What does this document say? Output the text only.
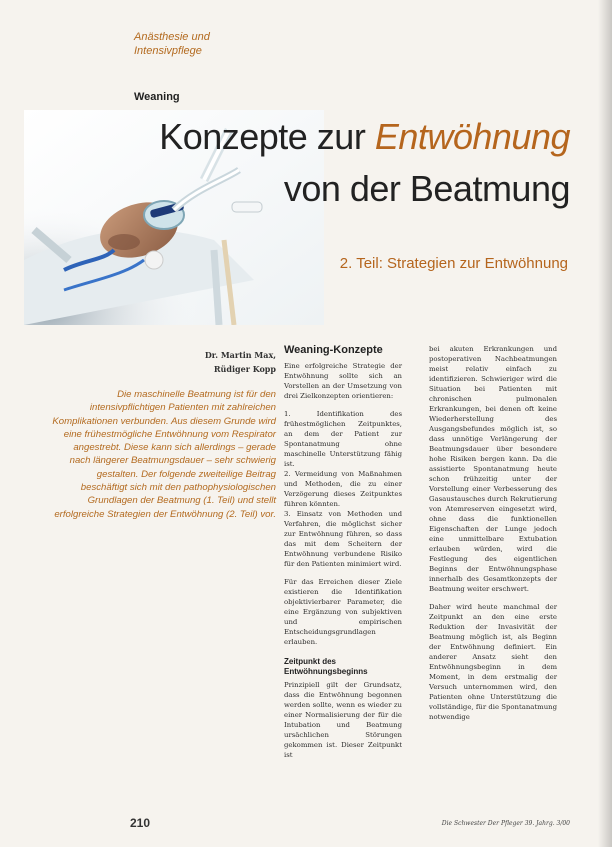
Anästhesie und
Intensivpflege
Weaning
Konzepte zur Entwöhnung
von der Beatmung
2. Teil: Strategien zur Entwöhnung
Dr. Martin Max,
Rüdiger Kopp
Die maschinelle Beatmung ist für den intensivpflichtigen Patienten mit zahlreichen Komplikationen verbunden. Aus diesem Grunde wird eine frühestmögliche Entwöhnung vom Respirator angestrebt. Diese kann sich allerdings – gerade nach längerer Beatmungsdauer – sehr schwierig gestalten. Der folgende zweiteilige Beitrag beschäftigt sich mit den pathophysiologischen Grundlagen der Beatmung (1. Teil) und stellt erfolgreiche Strategien der Entwöhnung (2. Teil) vor.
Weaning-Konzepte

Eine erfolgreiche Strategie der Entwöhnung sollte sich an Vorstellen an der Umsetzung von drei Zielkonzepten orientieren:

1. Identifikation des frühestmöglichen Zeitpunktes, an dem der Patient zur Spontanatmung ohne maschinelle Unterstützung fähig ist.

2. Vermeidung von Maßnahmen und Methoden, die zu einer Verzögerung dieses Zeitpunktes führen könnten.

3. Einsatz von Methoden und Verfahren, die möglichst sicher zur Entwöhnung führen, so dass das mit dem Scheitern der Entwöhnung verbundene Risiko für den Patienten minimiert wird.

Für das Erreichen dieser Ziele existieren die Identifikation objektivierbarer Parameter, die eine Ergänzung von subjektiven und empirischen Entscheidungsgrundlagen erlauben.

Zeitpunkt des Entwöhnungsbeginns

Prinzipiell gilt der Grundsatz, dass die Entwöhnung begonnen werden sollte, wenn es wieder zu einer Normalisierung der für die Intubation und Beatmung ursächlichen Störungen gekommen ist. Dieser Zeitpunkt ist

bei akuten Erkrankungen und postoperativen Nachbeatmungen meist relativ einfach zu identifizieren. Schwieriger wird die Situation bei Patienten mit chronischen pulmonalen Erkrankungen, bei denen oft keine Wiederherstellung des Ausgangsbefundes möglich ist, so dass unnötige Verlängerung der Beatmungsdauer über besondere hohe Risiken bergen kann. Da die assistierte Spontanatmung heute schon frühzeitig unter der Vorstellung einer Verbesserung des Gasaustausches durch Rekrutierung von Atemreserven eingesetzt wird, ohne dass die funktionellen Eigenschaften der Lunge jedoch eine unmittelbare Extubation erlauben würden, wird die Festlegung des eigentlichen Beginns der Entwöhnungsphase innerhalb des Gesamtkonzepts der Beatmung weiter erschwert.

Daher wird heute manchmal der Zeitpunkt an den eine erste Reduktion der Invasivität der Beatmung möglich ist, als Beginn der Entwöhnung definiert. Ein anderer Ansatz sieht den Entwöhnungsbeginn in dem Moment, in dem erstmalig der Versuch unternommen wird, den Patienten ohne Unterstützung die vollständige, für die Spontanatmung notwendige

210	Die Schwester Der Pfleger 39. Jahrg. 3/00
